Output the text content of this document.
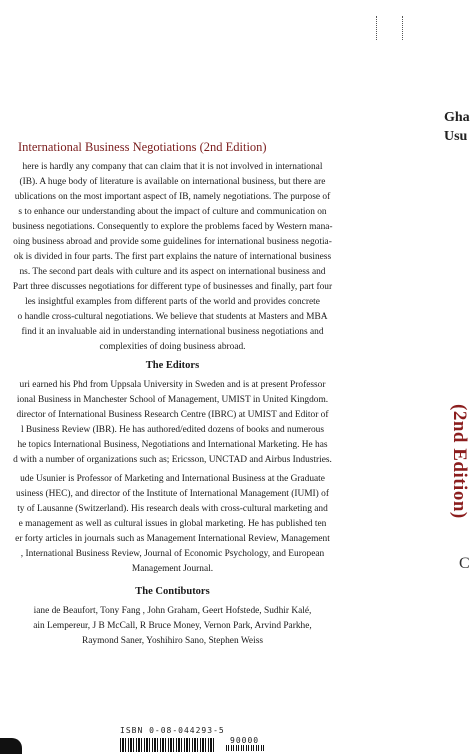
Gha
Usu
(2nd Edition)
C
International Business Negotiations (2nd Edition)
here is hardly any company that can claim that it is not involved in international
(IB). A huge body of literature is available on international business, but there are
ublications on the most important aspect of IB, namely negotiations. The purpose of
s to enhance our understanding about the impact of culture and communication on
business negotiations. Consequently to explore the problems faced by Western mana-
oing business abroad and provide some guidelines for international business negotia-
ok is divided in four parts. The first part explains the nature of international business
ns. The second part deals with culture and its aspect on international business and
Part three discusses negotiations for different type of businesses and finally, part four
les insightful examples from different parts of the world and provides concrete
o handle cross-cultural negotiations. We believe that students at Masters and MBA
find it an invaluable aid in understanding international business negotiations and
complexities of doing business abroad.
The Editors
uri earned his Phd from Uppsala University in Sweden and is at present Professor
ional Business in Manchester School of Management, UMIST in United Kingdom.
director of International Business Research Centre (IBRC) at UMIST and Editor of
l Business Review (IBR). He has authored/edited dozens of books and numerous
he topics International Business, Negotiations and International Marketing. He has
d with a number of organizations such as; Ericsson, UNCTAD and Airbus Industries.
ude Usunier is Professor of Marketing and International Business at the Graduate
usiness (HEC), and director of the Institute of International Management (IUMI) of
ty of Lausanne (Switzerland). His research deals with cross-cultural marketing and
e management as well as cultural issues in global marketing. He has published ten
er forty articles in journals such as Management International Review, Management
, International Business Review, Journal of Economic Psychology, and European
Management Journal.
The Contibutors
iane de Beaufort, Tony Fang , John Graham, Geert Hofstede, Sudhir Kalé,
ain Lempereur, J B McCall, R Bruce Money, Vernon Park, Arvind Parkhe,
Raymond Saner, Yoshihiro Sano, Stephen Weiss
ISBN 0-08-044293-5
90000
